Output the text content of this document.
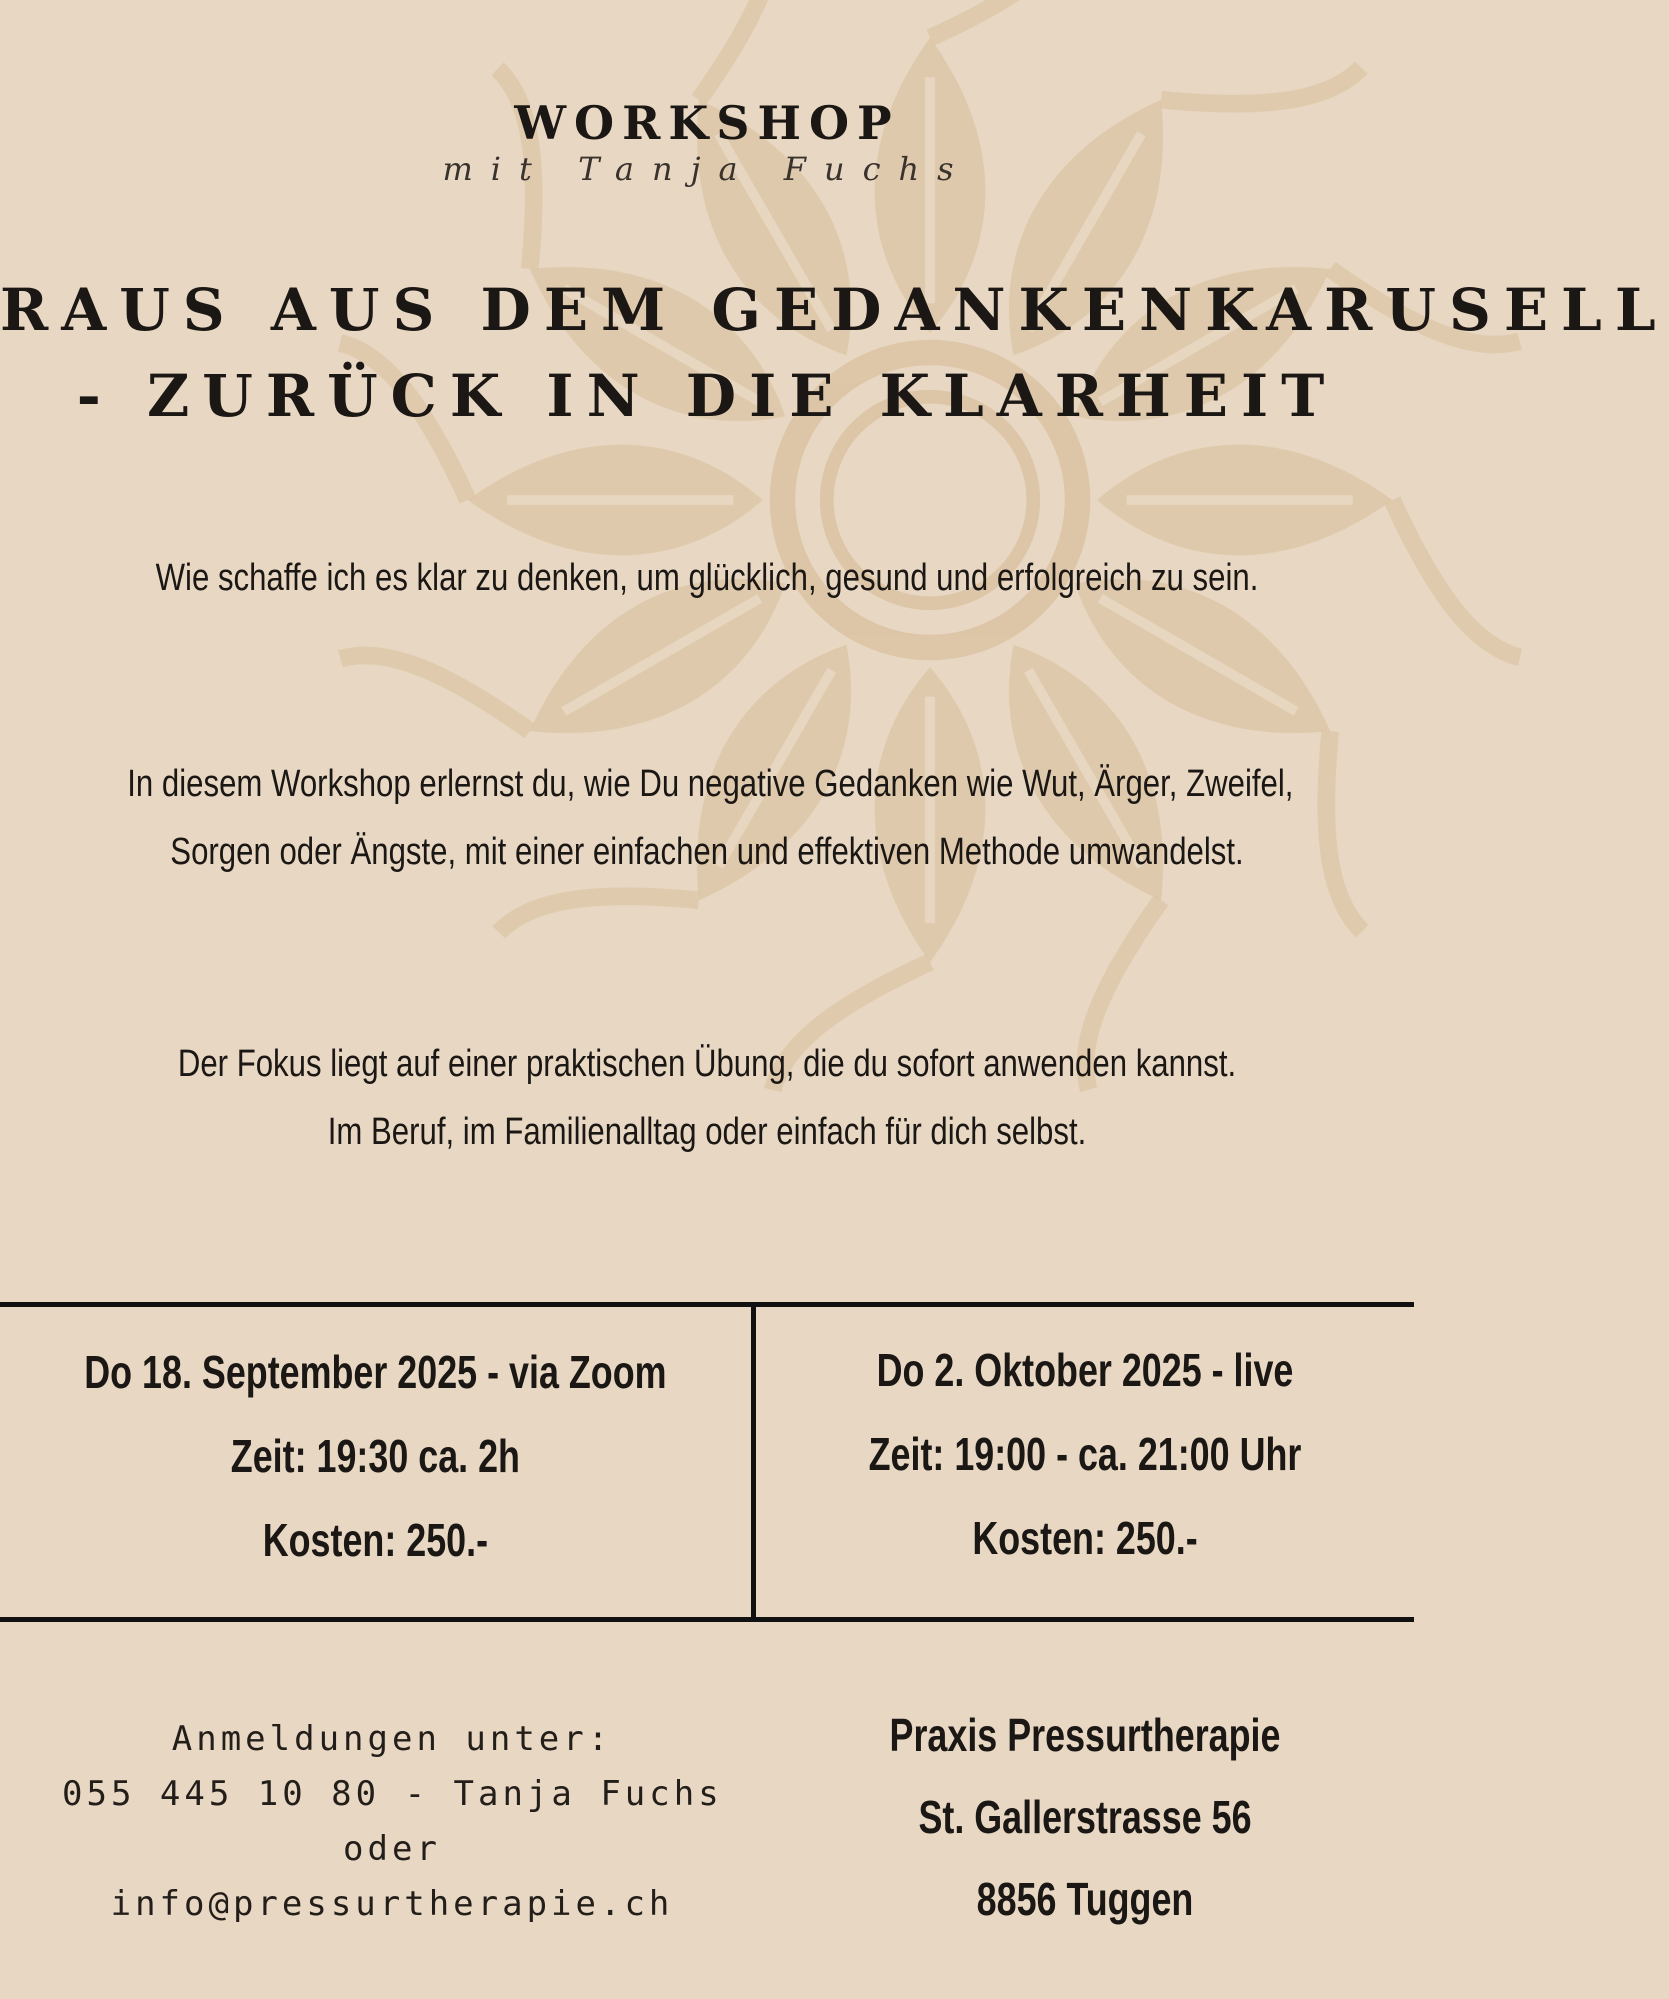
WORKSHOP
mit Tanja Fuchs
RAUS AUS DEM GEDANKENKARUSELL
- ZURÜCK IN DIE KLARHEIT
Wie schaffe ich es klar zu denken, um glücklich, gesund und erfolgreich zu sein.
In diesem Workshop erlernst du, wie Du negative Gedanken wie Wut, Ärger, Zweifel,
Sorgen oder Ängste, mit einer einfachen und effektiven Methode umwandelst.
Der Fokus liegt auf einer praktischen Übung, die du sofort anwenden kannst.
Im Beruf, im Familienalltag oder einfach für dich selbst.
Do 18. September 2025 - via Zoom
Zeit: 19:30 ca. 2h
Kosten: 250.-
Do 2. Oktober 2025 - live
Zeit: 19:00 - ca. 21:00 Uhr
Kosten: 250.-
Anmeldungen unter:
055 445 10 80 - Tanja Fuchs
oder
info@pressurtherapie.ch
Praxis Pressurtherapie
St. Gallerstrasse 56
8856 Tuggen
